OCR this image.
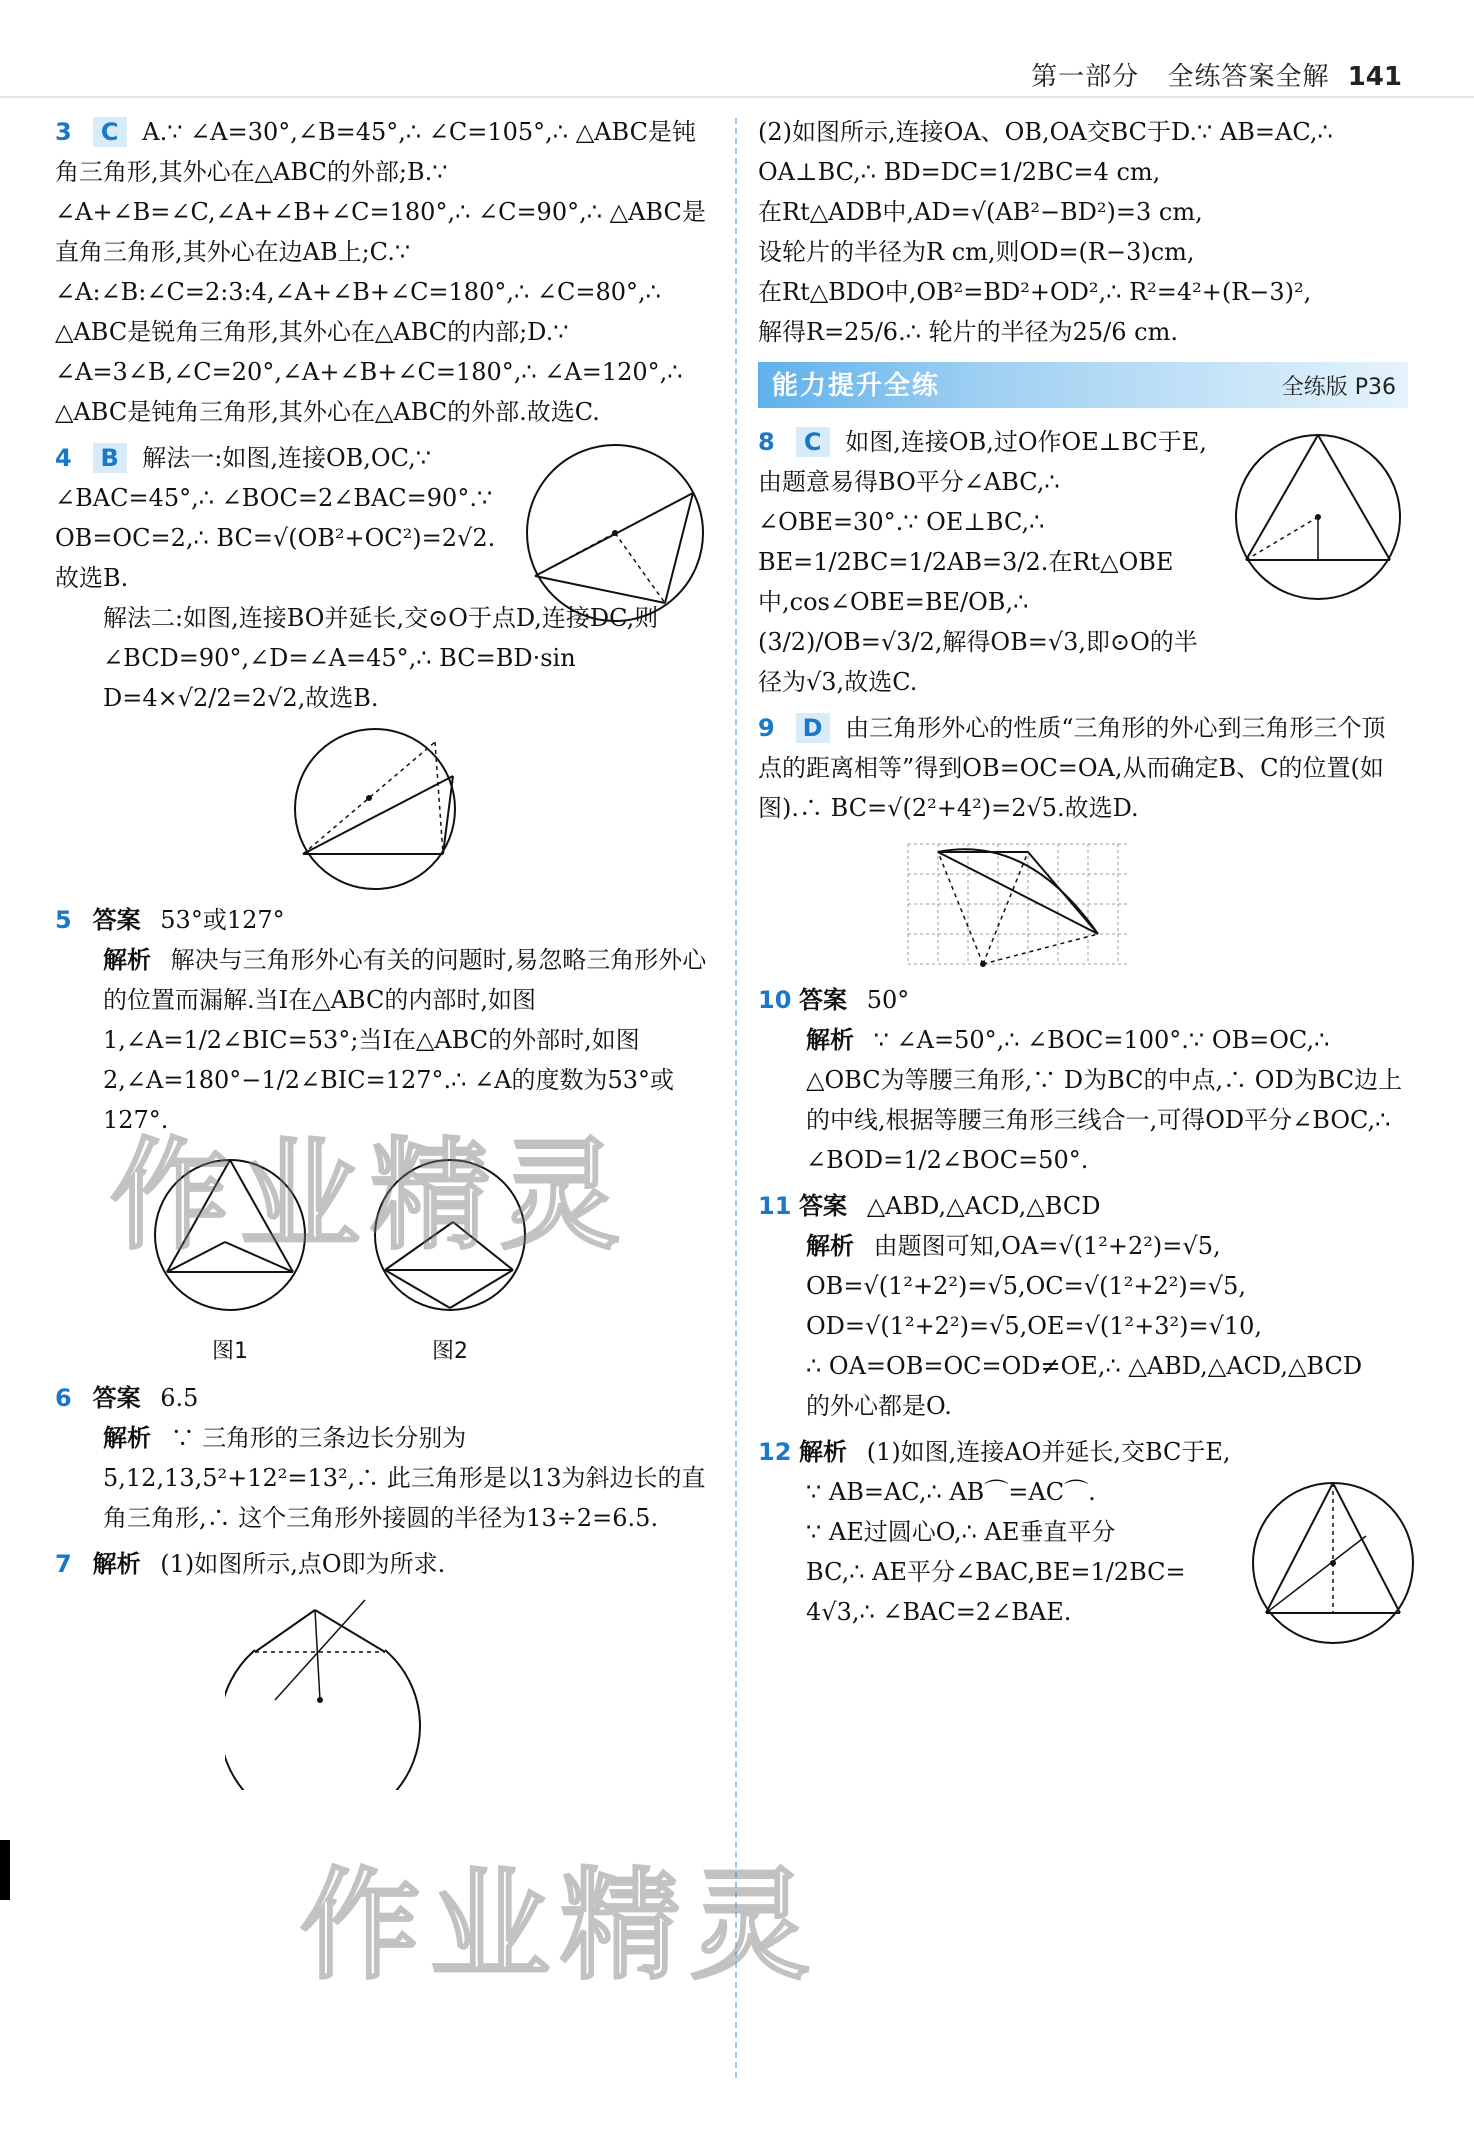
第一部分 全练答案全解 141
3 C A.∵ ∠A=30°,∠B=45°,∴ ∠C=105°,∴ △ABC是钝角三角形,其外心在△ABC的外部;B.∵ ∠A+∠B=∠C,∠A+∠B+∠C=180°,∴ ∠C=90°,∴ △ABC是直角三角形,其外心在边AB上;C.∵ ∠A:∠B:∠C=2:3:4,∠A+∠B+∠C=180°,∴ ∠C=80°,∴ △ABC是锐角三角形,其外心在△ABC的内部;D.∵ ∠A=3∠B,∠C=20°,∠A+∠B+∠C=180°,∴ ∠A=120°,∴ △ABC是钝角三角形,其外心在△ABC的外部.故选C.
4 B 解法一:如图,连接OB,OC,∵ ∠BAC=45°,∴ ∠BOC=2∠BAC=90°.∵ OB=OC=2,∴ BC=√(OB²+OC²)=2√2.故选B.
解法二:如图,连接BO并延长,交⊙O于点D,连接DC,则∠BCD=90°,∠D=∠A=45°,∴ BC=BD·sin D=4×√2/2=2√2,故选B.
5 答案 53°或127°
解析 解决与三角形外心有关的问题时,易忽略三角形外心的位置而漏解.当I在△ABC的内部时,如图1,∠A=1/2∠BIC=53°;当I在△ABC的外部时,如图2,∠A=180°−1/2∠BIC=127°.∴ ∠A的度数为53°或127°.
图1	图2
6 答案 6.5
解析 ∵ 三角形的三条边长分别为5,12,13,5²+12²=13²,∴ 此三角形是以13为斜边长的直角三角形,∴ 这个三角形外接圆的半径为13÷2=6.5.
7 解析 (1)如图所示,点O即为所求.
(2)如图所示,连接OA、OB,OA交BC于D.∵ AB=AC,∴ OA⊥BC,∴ BD=DC=1/2BC=4 cm,
在Rt△ADB中,AD=√(AB²−BD²)=3 cm,
设轮片的半径为R cm,则OD=(R−3)cm,
在Rt△BDO中,OB²=BD²+OD²,∴ R²=4²+(R−3)²,
解得R=25/6.∴ 轮片的半径为25/6 cm.
能力提升全练	全练版 P36
8 C 如图,连接OB,过O作OE⊥BC于E,由题意易得BO平分∠ABC,∴ ∠OBE=30°.∵ OE⊥BC,∴ BE=1/2BC=1/2AB=3/2.在Rt△OBE中,cos∠OBE=BE/OB,∴ (3/2)/OB=√3/2,解得OB=√3,即⊙O的半径为√3,故选C.
9 D 由三角形外心的性质“三角形的外心到三角形三个顶点的距离相等”得到OB=OC=OA,从而确定B、C的位置(如图).∴ BC=√(2²+4²)=2√5.故选D.
10 答案 50°
解析 ∵ ∠A=50°,∴ ∠BOC=100°.∵ OB=OC,∴ △OBC为等腰三角形,∵ D为BC的中点,∴ OD为BC边上的中线,根据等腰三角形三线合一,可得OD平分∠BOC,∴ ∠BOD=1/2∠BOC=50°.
11 答案 △ABD,△ACD,△BCD
解析 由题图可知,OA=√(1²+2²)=√5,
OB=√(1²+2²)=√5,OC=√(1²+2²)=√5,
OD=√(1²+2²)=√5,OE=√(1²+3²)=√10,
∴ OA=OB=OC=OD≠OE,∴ △ABD,△ACD,△BCD
的外心都是O.
12 解析 (1)如图,连接AO并延长,交BC于E,
∵ AB=AC,∴ AB⌒=AC⌒.
∵ AE过圆心O,∴ AE垂直平分
BC,∴ AE平分∠BAC,BE=1/2BC=
4√3,∴ ∠BAC=2∠BAE.
作业精灵
作业精灵
